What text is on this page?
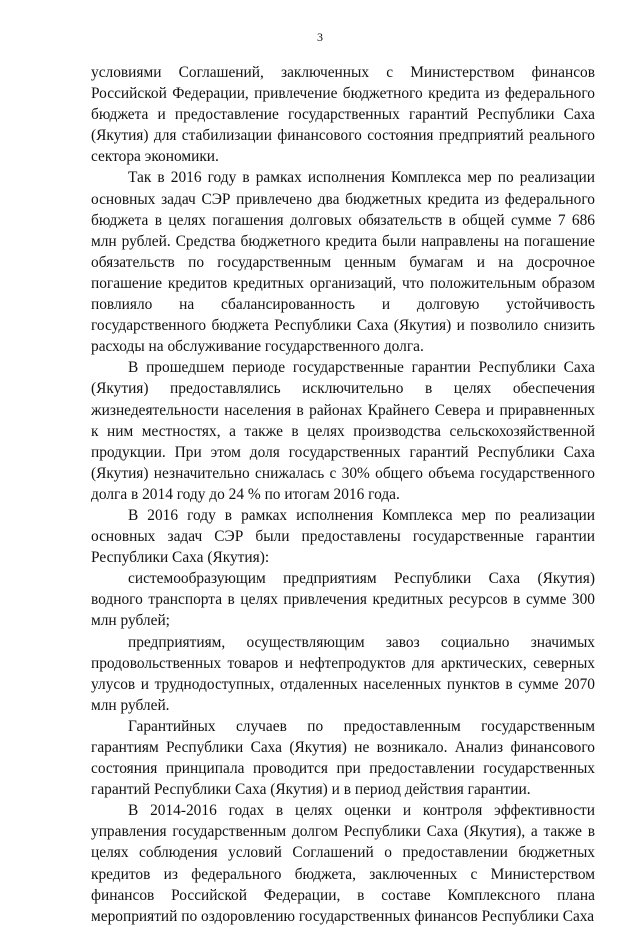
3

условиями Соглашений, заключенных с Министерством финансов Российской Федерации, привлечение бюджетного кредита из федерального бюджета и предоставление государственных гарантий Республики Саха (Якутия) для стабилизации финансового состояния предприятий реального сектора экономики.

Так в 2016 году в рамках исполнения Комплекса мер по реализации основных задач СЭР привлечено два бюджетных кредита из федерального бюджета в целях погашения долговых обязательств в общей сумме 7 686 млн рублей. Средства бюджетного кредита были направлены на погашение обязательств по государственным ценным бумагам и на досрочное погашение кредитов кредитных организаций, что положительным образом повлияло на сбалансированность и долговую устойчивость государственного бюджета Республики Саха (Якутия) и позволило снизить расходы на обслуживание государственного долга.

В прошедшем периоде государственные гарантии Республики Саха (Якутия) предоставлялись исключительно в целях обеспечения жизнедеятельности населения в районах Крайнего Севера и приравненных к ним местностях, а также в целях производства сельскохозяйственной продукции. При этом доля государственных гарантий Республики Саха (Якутия) незначительно снижалась с 30% общего объема государственного долга в 2014 году до 24 % по итогам 2016 года.

В 2016 году в рамках исполнения Комплекса мер по реализации основных задач СЭР были предоставлены государственные гарантии Республики Саха (Якутия):

системообразующим предприятиям Республики Саха (Якутия) водного транспорта в целях привлечения кредитных ресурсов в сумме 300 млн рублей;

предприятиям, осуществляющим завоз социально значимых продовольственных товаров и нефтепродуктов для арктических, северных улусов и труднодоступных, отдаленных населенных пунктов в сумме 2070 млн рублей.

Гарантийных случаев по предоставленным государственным гарантиям Республики Саха (Якутия) не возникало. Анализ финансового состояния принципала проводится при предоставлении государственных гарантий Республики Саха (Якутия) и в период действия гарантии.

В 2014-2016 годах в целях оценки и контроля эффективности управления государственным долгом Республики Саха (Якутия), а также в целях соблюдения условий Соглашений о предоставлении бюджетных кредитов из федерального бюджета, заключенных с Министерством финансов Российской Федерации, в составе Комплексного плана мероприятий по оздоровлению государственных финансов Республики Саха
